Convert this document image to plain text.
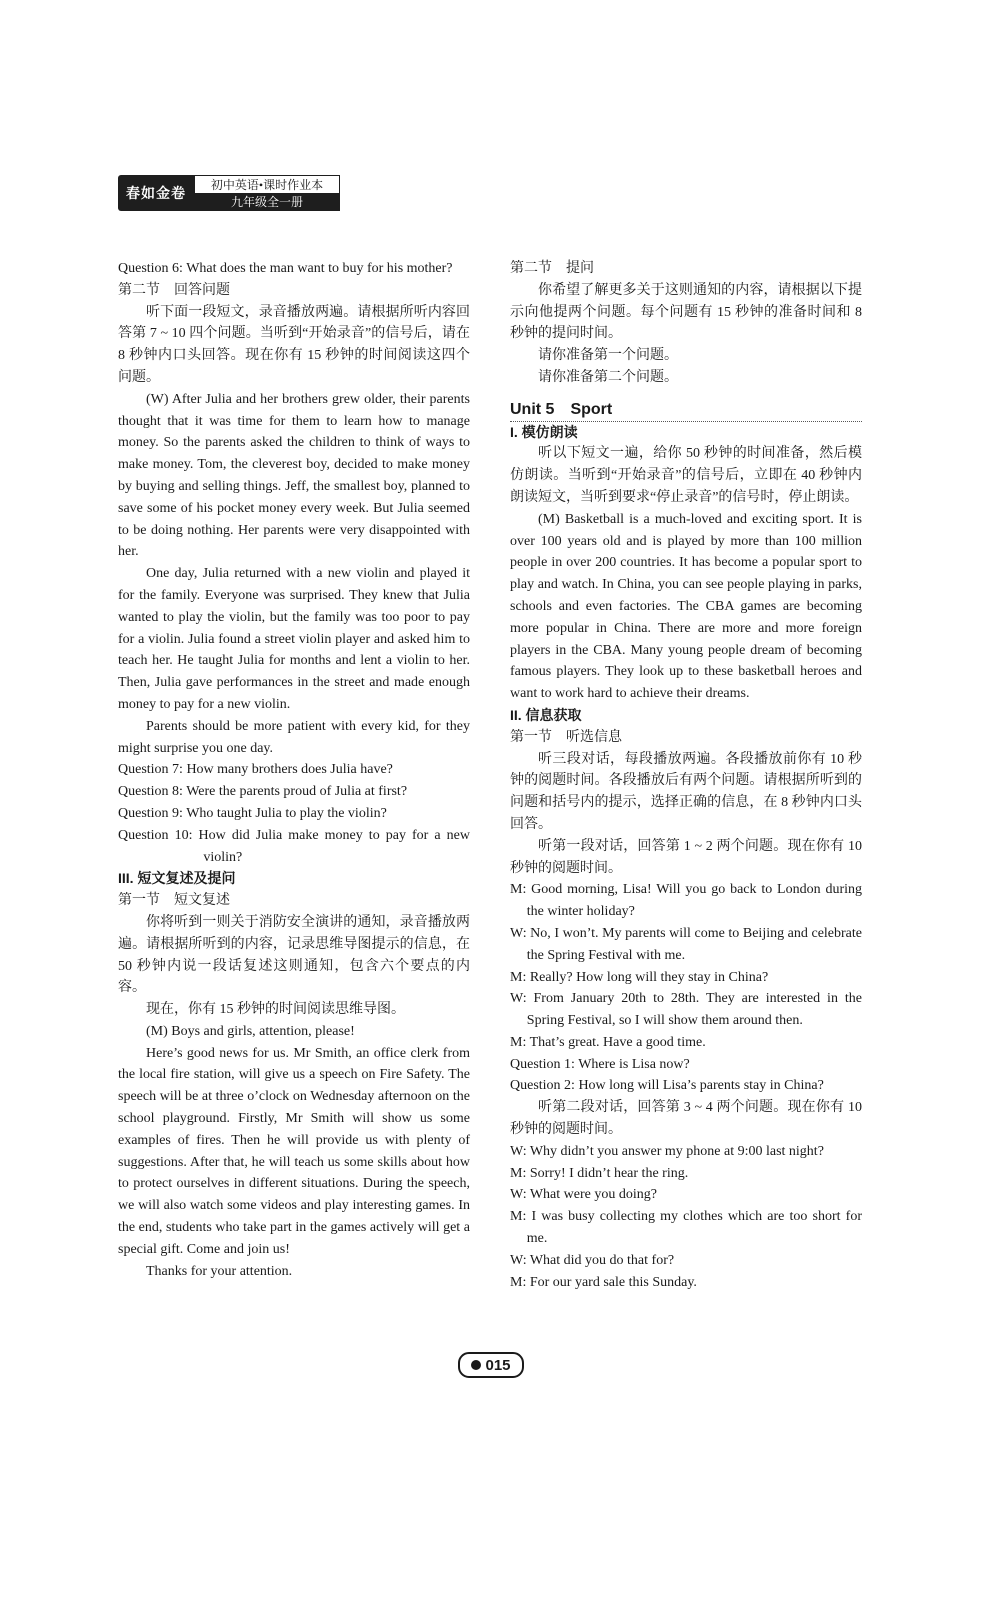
春如金卷
初中英语•课时作业本
九年级全一册

Question 6: What does the man want to buy for his mother?

第二节　回答问题

听下面一段短文，录音播放两遍。请根据所听内容回答第 7 ~ 10 四个问题。当听到“开始录音”的信号后，请在 8 秒钟内口头回答。现在你有 15 秒钟的时间阅读这四个问题。

(W) After Julia and her brothers grew older, their parents thought that it was time for them to learn how to manage money. So the parents asked the children to think of ways to make money. Tom, the cleverest boy, decided to make money by buying and selling things. Jeff, the smallest boy, planned to save some of his pocket money every week. But Julia seemed to be doing nothing. Her parents were very disappointed with her.

One day, Julia returned with a new violin and played it for the family. Everyone was surprised. They knew that Julia wanted to play the violin, but the family was too poor to pay for a violin. Julia found a street violin player and asked him to teach her. He taught Julia for months and lent a violin to her. Then, Julia gave performances in the street and made enough money to pay for a new violin.

Parents should be more patient with every kid, for they might surprise you one day.

Question 7: How many brothers does Julia have?

Question 8: Were the parents proud of Julia at first?

Question 9: Who taught Julia to play the violin?

Question 10: How did Julia make money to pay for a new violin?

III. 短文复述及提问

第一节　短文复述

你将听到一则关于消防安全演讲的通知，录音播放两遍。请根据所听到的内容，记录思维导图提示的信息，在 50 秒钟内说一段话复述这则通知，包含六个要点的内容。

现在，你有 15 秒钟的时间阅读思维导图。

(M) Boys and girls, attention, please!

Here’s good news for us. Mr Smith, an office clerk from the local fire station, will give us a speech on Fire Safety. The speech will be at three o’clock on Wednesday afternoon on the school playground. Firstly, Mr Smith will show us some examples of fires. Then he will provide us with plenty of suggestions. After that, he will teach us some skills about how to protect ourselves in different situations. During the speech, we will also watch some videos and play interesting games. In the end, students who take part in the games actively will get a special gift. Come and join us!

Thanks for your attention.

第二节　提问

你希望了解更多关于这则通知的内容，请根据以下提示向他提两个问题。每个问题有 15 秒钟的准备时间和 8 秒钟的提问时间。

请你准备第一个问题。

请你准备第二个问题。

Unit 5　Sport

I. 模仿朗读

听以下短文一遍，给你 50 秒钟的时间准备，然后模仿朗读。当听到“开始录音”的信号后，立即在 40 秒钟内朗读短文，当听到要求“停止录音”的信号时，停止朗读。

(M) Basketball is a much-loved and exciting sport. It is over 100 years old and is played by more than 100 million people in over 200 countries. It has become a popular sport to play and watch. In China, you can see people playing in parks, schools and even factories. The CBA games are becoming more popular in China. There are more and more foreign players in the CBA. Many young people dream of becoming famous players. They look up to these basketball heroes and want to work hard to achieve their dreams.

II. 信息获取

第一节　听选信息

听三段对话，每段播放两遍。各段播放前你有 10 秒钟的阅题时间。各段播放后有两个问题。请根据所听到的问题和括号内的提示，选择正确的信息，在 8 秒钟内口头回答。

听第一段对话，回答第 1 ~ 2 两个问题。现在你有 10 秒钟的阅题时间。

M: Good morning, Lisa! Will you go back to London during the winter holiday?

W: No, I won’t. My parents will come to Beijing and celebrate the Spring Festival with me.

M: Really? How long will they stay in China?

W: From January 20th to 28th. They are interested in the Spring Festival, so I will show them around then.

M: That’s great. Have a good time.

Question 1: Where is Lisa now?

Question 2: How long will Lisa’s parents stay in China?

听第二段对话，回答第 3 ~ 4 两个问题。现在你有 10 秒钟的阅题时间。

W: Why didn’t you answer my phone at 9:00 last night?

M: Sorry! I didn’t hear the ring.

W: What were you doing?

M: I was busy collecting my clothes which are too short for me.

W: What did you do that for?

M: For our yard sale this Sunday.

015
